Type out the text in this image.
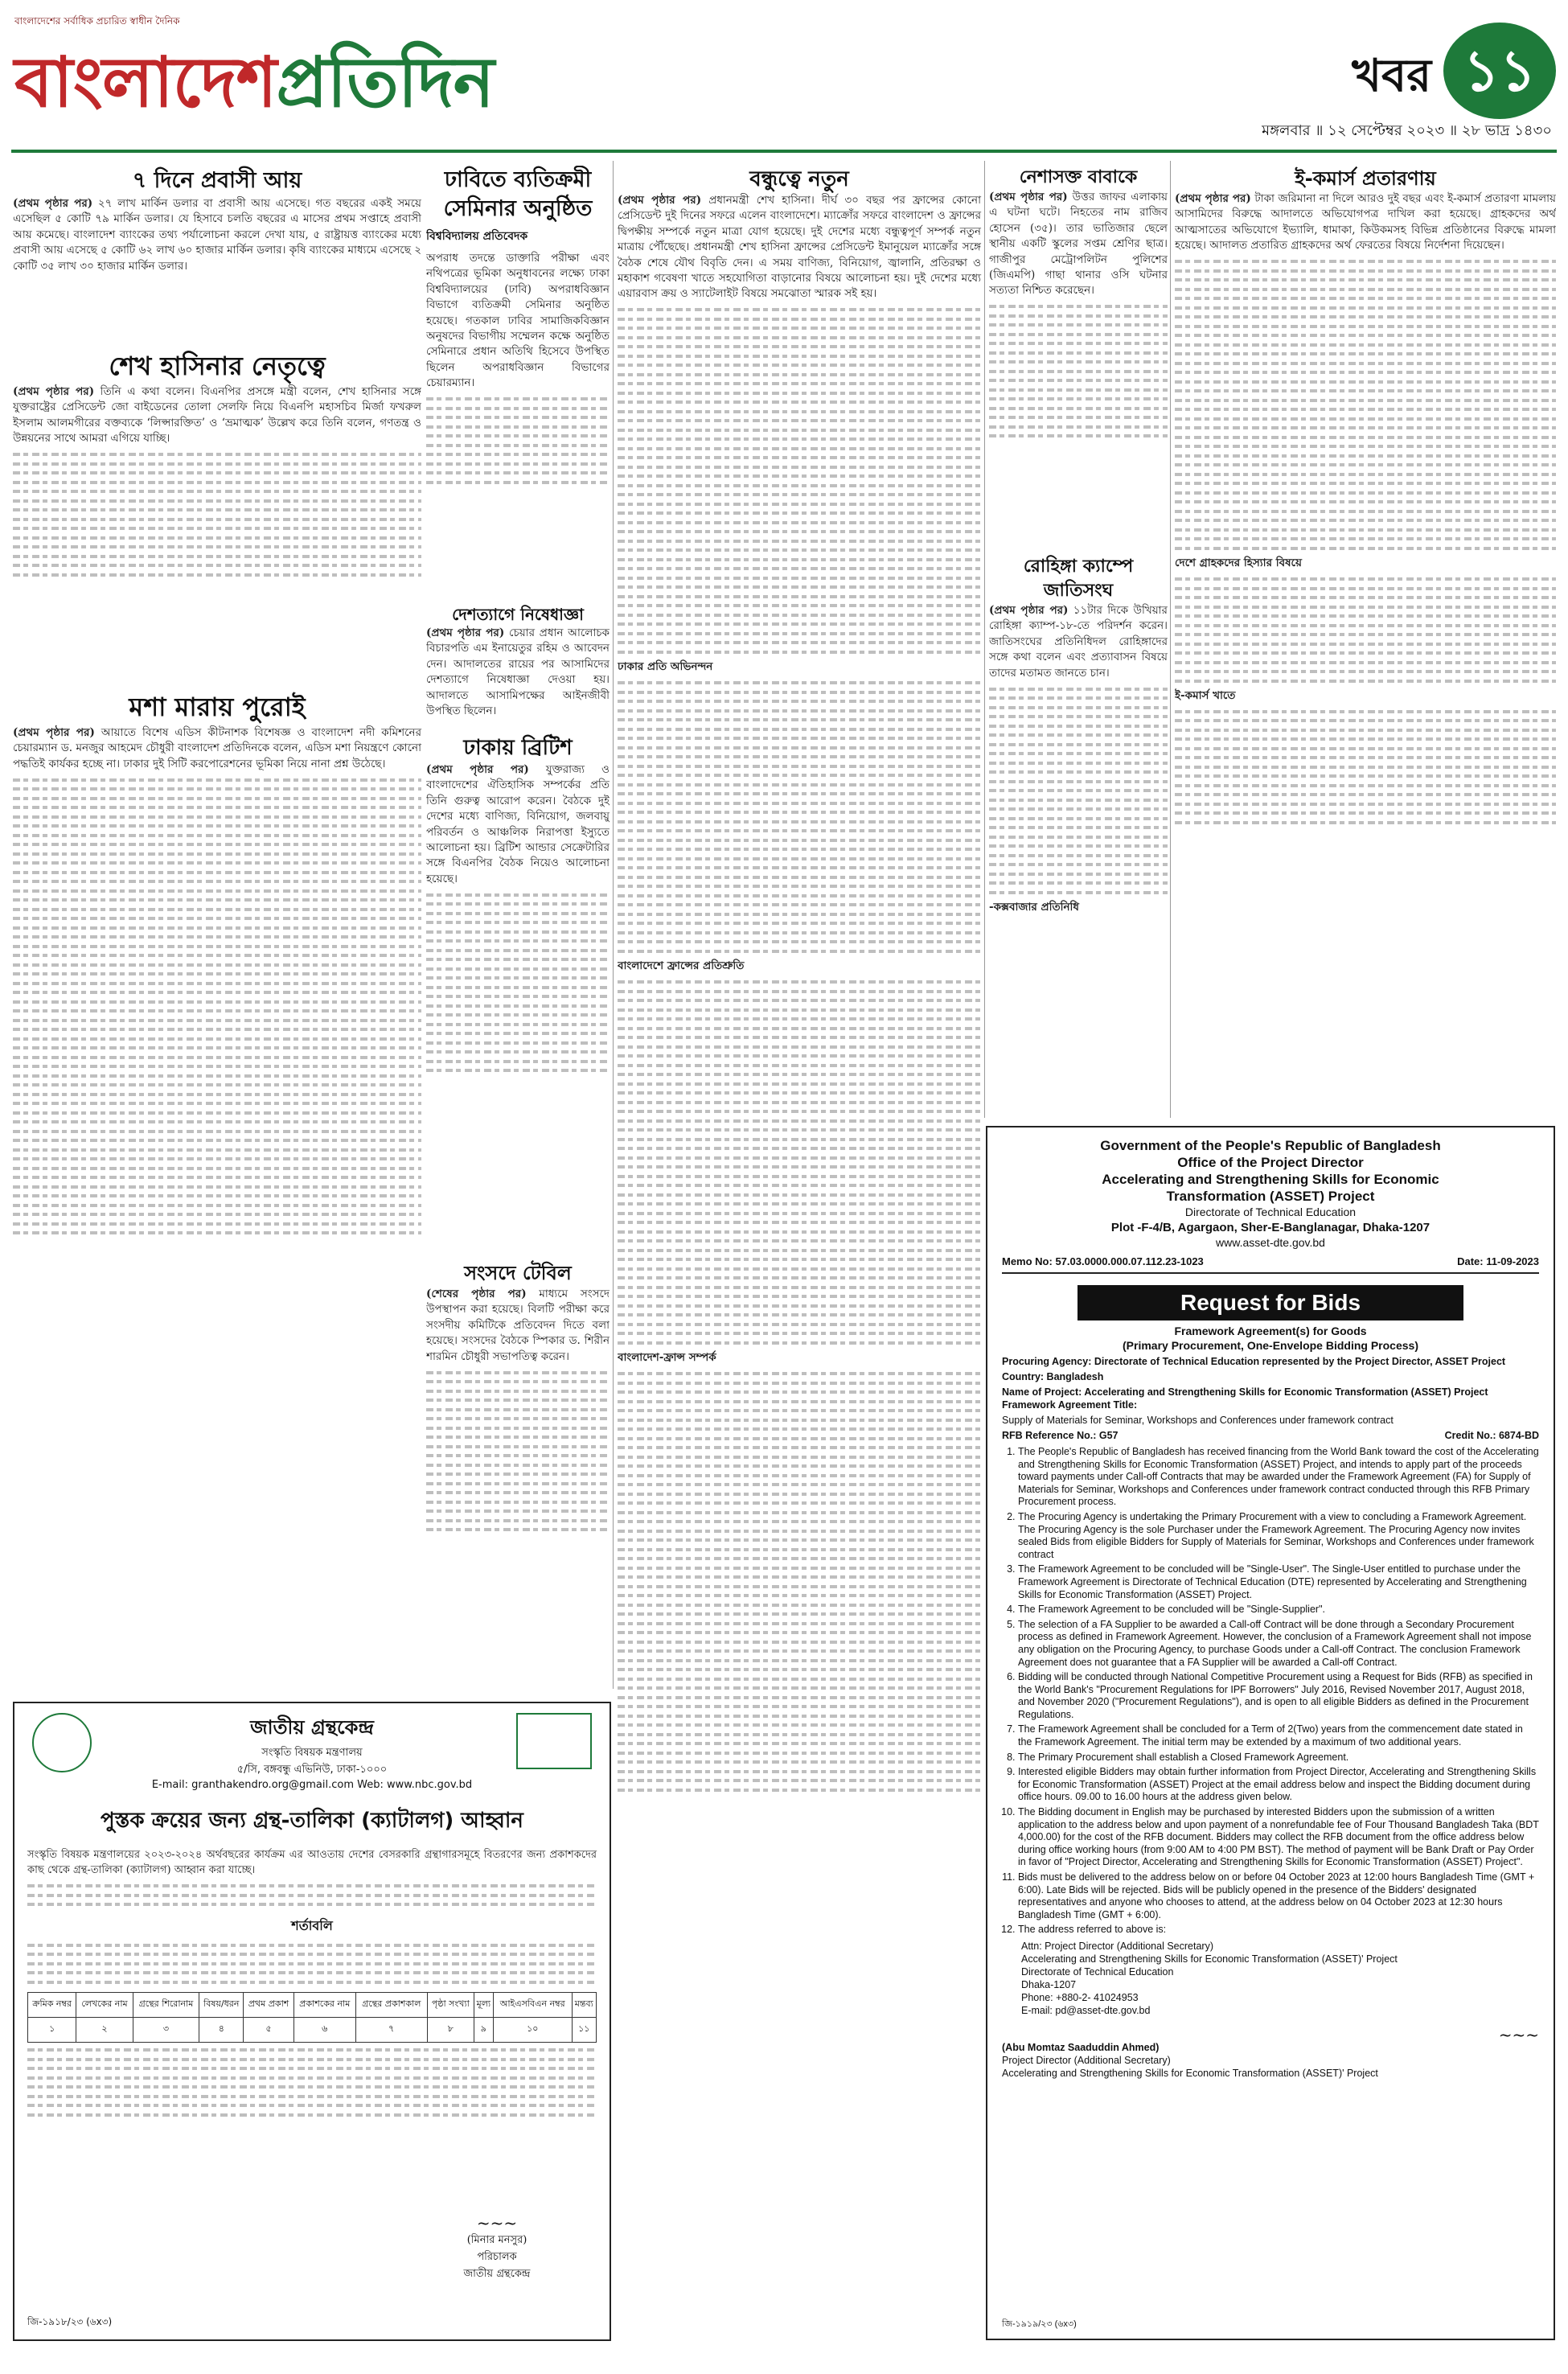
বাংলাদেশের সর্বাধিক প্রচারিত স্বাধীন দৈনিক
বাংলাদেশপ্রতিদিন	খবর ১১
মঙ্গলবার ॥ ১২ সেপ্টেম্বর ২০২৩ ॥ ২৮ ভাদ্র ১৪৩০
৭ দিনে প্রবাসী আয়
(প্রথম পৃষ্ঠার পর) ২৭ লাখ মার্কিন ডলার বা প্রবাসী আয় এসেছে। গত বছরের একই সময়ে এসেছিল ৫ কোটি ৭৯ মার্কিন ডলার। যে হিসাবে চলতি বছরের এ মাসের প্রথম সপ্তাহে প্রবাসী আয় কমেছে। বাংলাদেশ ব্যাংকের তথ্য পর্যালোচনা করলে দেখা যায়, ৫ রাষ্ট্রায়ত্ত ব্যাংকের মধ্যে প্রবাসী আয় এসেছে ৫ কোটি ৬২ লাখ ৬০ হাজার মার্কিন ডলার। কৃষি ব্যাংকের মাধ্যমে এসেছে ২ কোটি ৩৫ লাখ ৩০ হাজার মার্কিন ডলার।
শেখ হাসিনার নেতৃত্বে
(প্রথম পৃষ্ঠার পর) তিনি এ কথা বলেন। বিএনপির প্রসঙ্গে মন্ত্রী বলেন, শেখ হাসিনার সঙ্গে যুক্তরাষ্ট্রের প্রেসিডেন্ট জো বাইডেনের তোলা সেলফি নিয়ে বিএনপি মহাসচিব মির্জা ফখরুল ইসলাম আলমগীরের বক্তব্যকে ‘লিপ্সারক্তিত’ ও ‘ভ্রমাত্মক’ উল্লেখ করে তিনি বলেন, গণতন্ত্র ও উন্নয়নের সাথে আমরা এগিয়ে যাচ্ছি।
মশা মারায় পুরোই
(প্রথম পৃষ্ঠার পর) আয়াতে বিশেষ এডিস কীটনাশক বিশেষজ্ঞ ও বাংলাদেশ নদী কমিশনের চেয়ারম্যান ড. মনজুর আহমেদ চৌধুরী বাংলাদেশ প্রতিদিনকে বলেন, এডিস মশা নিয়ন্ত্রণে কোনো পদ্ধতিই কার্যকর হচ্ছে না। ঢাকার দুই সিটি করপোরেশনের ভূমিকা নিয়ে নানা প্রশ্ন উঠেছে।
ঢাবিতে ব্যতিক্রমী সেমিনার অনুষ্ঠিত
বিশ্ববিদ্যালয় প্রতিবেদক
অপরাধ তদন্তে ডাক্তারি পরীক্ষা এবং নথিপত্রের ভূমিকা অনুধাবনের লক্ষ্যে ঢাকা বিশ্ববিদ্যালয়ের (ঢাবি) অপরাধবিজ্ঞান বিভাগে ব্যতিক্রমী সেমিনার অনুষ্ঠিত হয়েছে। গতকাল ঢাবির সামাজিকবিজ্ঞান অনুষদের বিভাগীয় সম্মেলন কক্ষে অনুষ্ঠিত সেমিনারে প্রধান অতিথি হিসেবে উপস্থিত ছিলেন অপরাধবিজ্ঞান বিভাগের চেয়ারম্যান।
দেশত্যাগে নিষেধাজ্ঞা
(প্রথম পৃষ্ঠার পর) চেয়ার প্রধান আলোচক বিচারপতি এম ইনায়েতুর রহিম ও আবেদন দেন। আদালতের রায়ের পর আসামিদের দেশত্যাগে নিষেধাজ্ঞা দেওয়া হয়। আদালতে আসামিপক্ষের আইনজীবী উপস্থিত ছিলেন।
ঢাকায় ব্রিটিশ
(প্রথম পৃষ্ঠার পর) যুক্তরাজ্য ও বাংলাদেশের ঐতিহাসিক সম্পর্কের প্রতি তিনি গুরুত্ব আরোপ করেন। বৈঠকে দুই দেশের মধ্যে বাণিজ্য, বিনিয়োগ, জলবায়ু পরিবর্তন ও আঞ্চলিক নিরাপত্তা ইস্যুতে আলোচনা হয়। ব্রিটিশ আন্ডার সেক্রেটারির সঙ্গে বিএনপির বৈঠক নিয়েও আলোচনা হয়েছে।
সংসদে টেবিল
(শেষের পৃষ্ঠার পর) মাধ্যমে সংসদে উপস্থাপন করা হয়েছে। বিলটি পরীক্ষা করে সংসদীয় কমিটিকে প্রতিবেদন দিতে বলা হয়েছে। সংসদের বৈঠকে স্পিকার ড. শিরীন শারমিন চৌধুরী সভাপতিত্ব করেন।
জাতীয় গ্রন্থকেন্দ্র
সংস্কৃতি বিষয়ক মন্ত্রণালয়
৫/সি, বঙ্গবন্ধু এভিনিউ, ঢাকা-১০০০
E-mail: granthakendro.org@gmail.com Web: www.nbc.gov.bd
পুস্তক ক্রয়ের জন্য গ্রন্থ-তালিকা (ক্যাটালগ) আহ্বান
সংস্কৃতি বিষয়ক মন্ত্রণালয়ের ২০২৩-২০২৪ অর্থবছরের কার্যক্রম এর আওতায় দেশের বেসরকারি গ্রন্থাগারসমূহে বিতরণের জন্য প্রকাশকদের কাছ থেকে গ্রন্থ-তালিকা (ক্যাটালগ) আহ্বান করা যাচ্ছে।
শর্তাবলি
ক্রমিক নম্বর	লেখকের নাম	গ্রন্থের শিরোনাম	বিষয়/ধরন	প্রথম প্রকাশ	প্রকাশকের নাম	গ্রন্থের প্রকাশকাল	পৃষ্ঠা সংখ্যা	মূল্য	আইএসবিএন নম্বর	মন্তব্য
১	২	৩	৪	৫	৬	৭	৮	৯	১০	১১
~~~
(মিনার মনসুর)
পরিচালক
জাতীয় গ্রন্থকেন্দ্র
জি-১৯১৮/২৩ (৬x৩)
বন্ধুত্বে নতুন
(প্রথম পৃষ্ঠার পর) প্রধানমন্ত্রী শেখ হাসিনা। দীর্ঘ ৩০ বছর পর ফ্রান্সের কোনো প্রেসিডেন্ট দুই দিনের সফরে এলেন বাংলাদেশে। ম্যাক্রোঁর সফরে বাংলাদেশ ও ফ্রান্সের দ্বিপক্ষীয় সম্পর্কে নতুন মাত্রা যোগ হয়েছে। দুই দেশের মধ্যে বন্ধুত্বপূর্ণ সম্পর্ক নতুন মাত্রায় পৌঁছেছে। প্রধানমন্ত্রী শেখ হাসিনা ফ্রান্সের প্রেসিডেন্ট ইমানুয়েল ম্যাক্রোঁর সঙ্গে বৈঠক শেষে যৌথ বিবৃতি দেন। এ সময় বাণিজ্য, বিনিয়োগ, জ্বালানি, প্রতিরক্ষা ও মহাকাশ গবেষণা খাতে সহযোগিতা বাড়ানোর বিষয়ে আলোচনা হয়। দুই দেশের মধ্যে এয়ারবাস ক্রয় ও স্যাটেলাইট বিষয়ে সমঝোতা স্মারক সই হয়।
ঢাকার প্রতি অভিনন্দন
বাংলাদেশে ফ্রান্সের প্রতিশ্রুতি
বাংলাদেশ-ফ্রান্স সম্পর্ক
নেশাসক্ত বাবাকে
(প্রথম পৃষ্ঠার পর) উত্তর জাফর এলাকায় এ ঘটনা ঘটে। নিহতের নাম রাজিব হোসেন (৩৫)। তার ভাতিজার ছেলে স্থানীয় একটি স্কুলের সপ্তম শ্রেণির ছাত্র। গাজীপুর মেট্রোপলিটন পুলিশের (জিএমপি) গাছা থানার ওসি ঘটনার সত্যতা নিশ্চিত করেছেন।
রোহিঙ্গা ক্যাম্পে জাতিসংঘ
(প্রথম পৃষ্ঠার পর) ১১টার দিকে উখিয়ার রোহিঙ্গা ক্যাম্প-১৮-তে পরিদর্শন করেন। জাতিসংঘের প্রতিনিধিদল রোহিঙ্গাদের সঙ্গে কথা বলেন এবং প্রত্যাবাসন বিষয়ে তাদের মতামত জানতে চান।
-কক্সবাজার প্রতিনিধি
ই-কমার্স প্রতারণায়
(প্রথম পৃষ্ঠার পর) টাকা জরিমানা না দিলে আরও দুই বছর এবং ই-কমার্স প্রতারণা মামলায় আসামিদের বিরুদ্ধে আদালতে অভিযোগপত্র দাখিল করা হয়েছে। গ্রাহকদের অর্থ আত্মসাতের অভিযোগে ইভ্যালি, ধামাকা, কিউকমসহ বিভিন্ন প্রতিষ্ঠানের বিরুদ্ধে মামলা হয়েছে। আদালত প্রতারিত গ্রাহকদের অর্থ ফেরতের বিষয়ে নির্দেশনা দিয়েছেন।
দেশে গ্রাহকদের হিস্যার বিষয়ে
ই-কমার্স খাতে
Government of the People's Republic of Bangladesh
Office of the Project Director
Accelerating and Strengthening Skills for Economic
Transformation (ASSET) Project
Directorate of Technical Education
Plot -F-4/B, Agargaon, Sher-E-Banglanagar, Dhaka-1207
www.asset-dte.gov.bd
Memo No: 57.03.0000.000.07.112.23-1023	Date: 11-09-2023
Request for Bids
Framework Agreement(s) for Goods
(Primary Procurement, One-Envelope Bidding Process)
Procuring Agency: Directorate of Technical Education represented by the Project Director, ASSET Project
Country: Bangladesh
Name of Project: Accelerating and Strengthening Skills for Economic Transformation (ASSET) Project Framework Agreement Title:
Supply of Materials for Seminar, Workshops and Conferences under framework contract
RFB Reference No.: G57	Credit No.: 6874-BD
1. The People's Republic of Bangladesh has received financing from the World Bank toward the cost of the Accelerating and Strengthening Skills for Economic Transformation (ASSET) Project, and intends to apply part of the proceeds toward payments under Call-off Contracts that may be awarded under the Framework Agreement (FA) for Supply of Materials for Seminar, Workshops and Conferences under framework contract conducted through this RFB Primary Procurement process.
2. The Procuring Agency is undertaking the Primary Procurement with a view to concluding a Framework Agreement. The Procuring Agency is the sole Purchaser under the Framework Agreement. The Procuring Agency now invites sealed Bids from eligible Bidders for Supply of Materials for Seminar, Workshops and Conferences under framework contract
3. The Framework Agreement to be concluded will be "Single-User". The Single-User entitled to purchase under the Framework Agreement is Directorate of Technical Education (DTE) represented by Accelerating and Strengthening Skills for Economic Transformation (ASSET) Project.
4. The Framework Agreement to be concluded will be "Single-Supplier".
5. The selection of a FA Supplier to be awarded a Call-off Contract will be done through a Secondary Procurement process as defined in Framework Agreement. However, the conclusion of a Framework Agreement shall not impose any obligation on the Procuring Agency, to purchase Goods under a Call-off Contract. The conclusion Framework Agreement does not guarantee that a FA Supplier will be awarded a Call-off Contract.
6. Bidding will be conducted through National Competitive Procurement using a Request for Bids (RFB) as specified in the World Bank's "Procurement Regulations for IPF Borrowers" July 2016, Revised November 2017, August 2018, and November 2020 ("Procurement Regulations"), and is open to all eligible Bidders as defined in the Procurement Regulations.
7. The Framework Agreement shall be concluded for a Term of 2(Two) years from the commencement date stated in the Framework Agreement. The initial term may be extended by a maximum of two additional years.
8. The Primary Procurement shall establish a Closed Framework Agreement.
9. Interested eligible Bidders may obtain further information from Project Director, Accelerating and Strengthening Skills for Economic Transformation (ASSET) Project at the email address below and inspect the Bidding document during office hours. 09.00 to 16.00 hours at the address given below.
10. The Bidding document in English may be purchased by interested Bidders upon the submission of a written application to the address below and upon payment of a nonrefundable fee of Four Thousand Bangladesh Taka (BDT 4,000.00) for the cost of the RFB document. Bidders may collect the RFB document from the office address below during office working hours (from 9:00 AM to 4:00 PM BST). The method of payment will be Bank Draft or Pay Order in favor of "Project Director, Accelerating and Strengthening Skills for Economic Transformation (ASSET) Project".
11. Bids must be delivered to the address below on or before 04 October 2023 at 12:00 hours Bangladesh Time (GMT + 6:00). Late Bids will be rejected. Bids will be publicly opened in the presence of the Bidders' designated representatives and anyone who chooses to attend, at the address below on 04 October 2023 at 12:30 hours Bangladesh Time (GMT + 6:00).
12. The address referred to above is:
Attn: Project Director (Additional Secretary)
Accelerating and Strengthening Skills for Economic Transformation (ASSET)' Project
Directorate of Technical Education
Dhaka-1207
Phone: +880-2- 41024953
E-mail: pd@asset-dte.gov.bd
~~~
(Abu Momtaz Saaduddin Ahmed)
Project Director (Additional Secretary)
Accelerating and Strengthening Skills for Economic Transformation (ASSET)' Project
জি-১৯১৯/২৩ (৬x৩)
